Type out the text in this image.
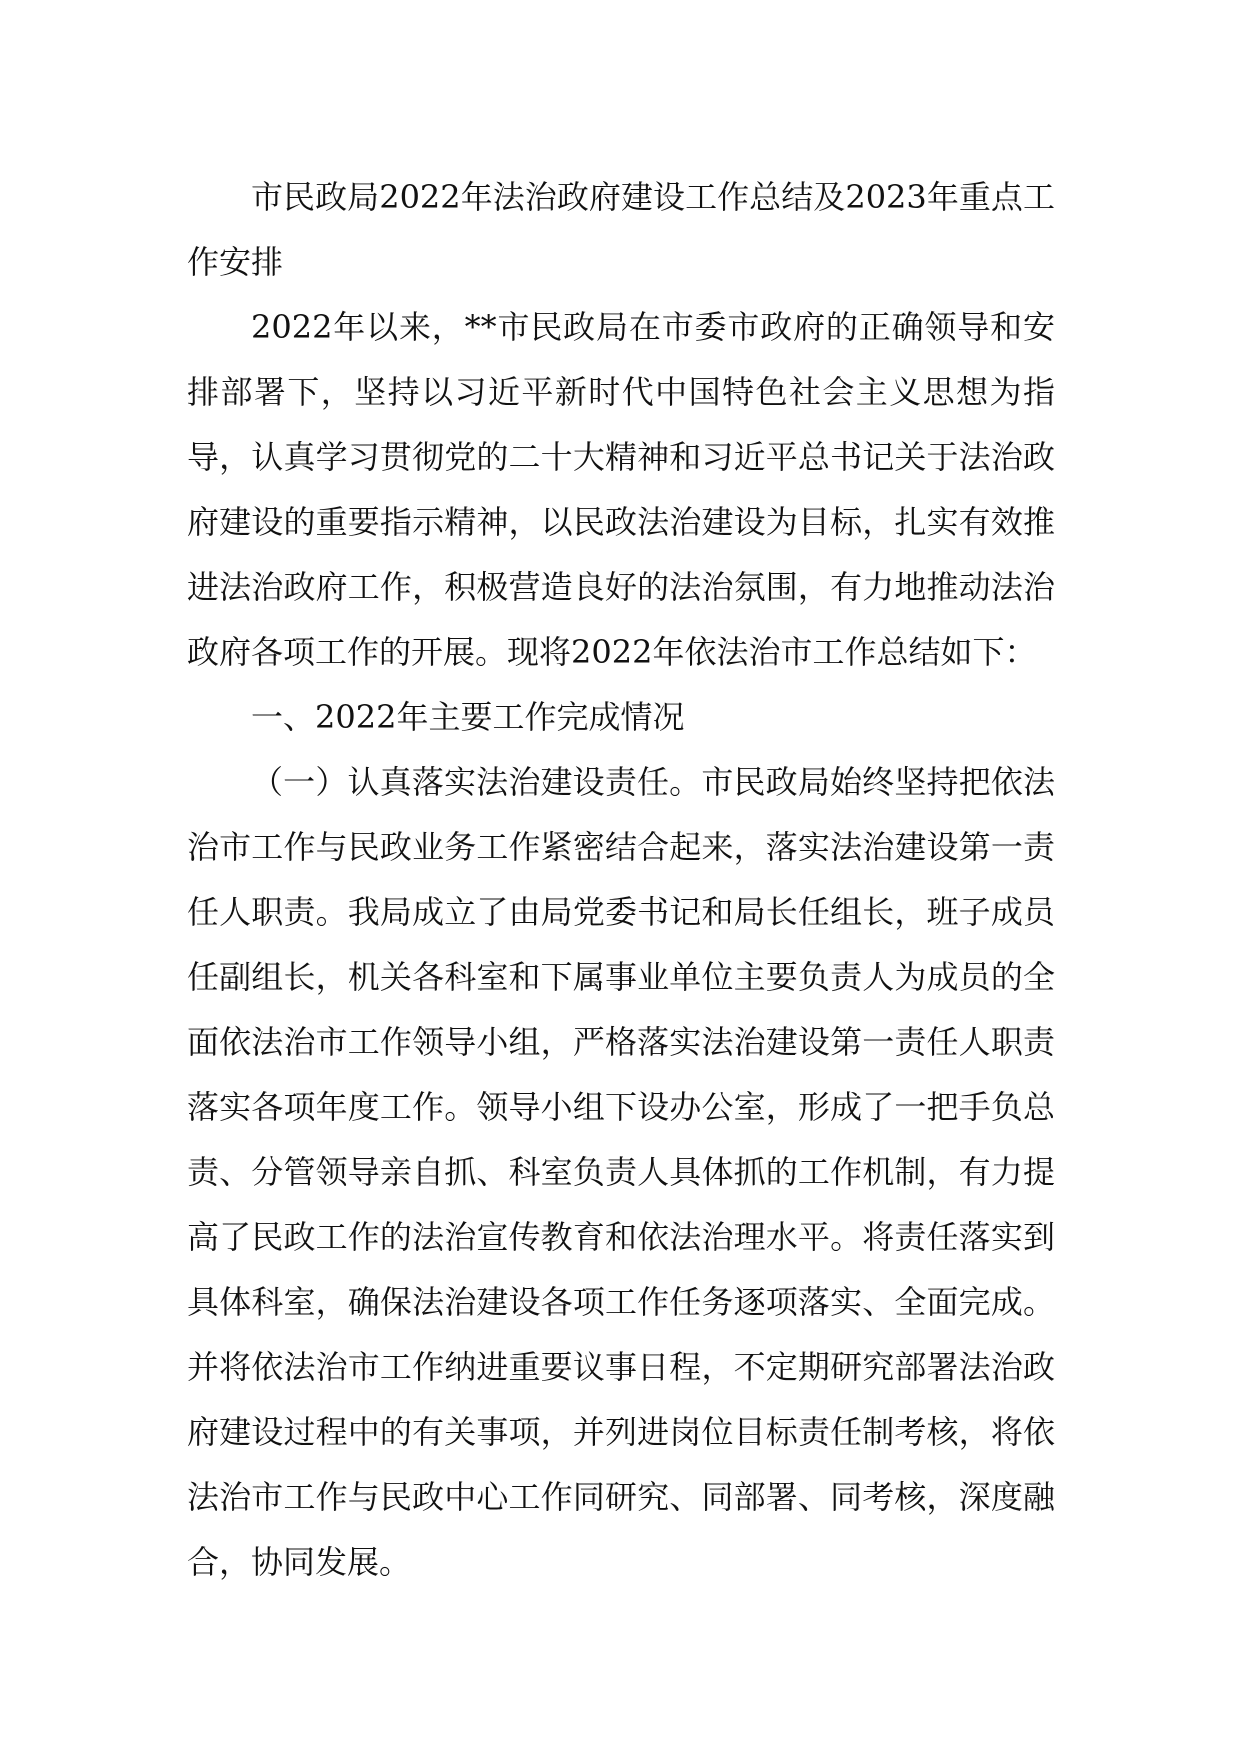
市民政局2022年法治政府建设工作总结及2023年重点工作安排

2022年以来，**市民政局在市委市政府的正确领导和安排部署下，坚持以习近平新时代中国特色社会主义思想为指导，认真学习贯彻党的二十大精神和习近平总书记关于法治政府建设的重要指示精神，以民政法治建设为目标，扎实有效推进法治政府工作，积极营造良好的法治氛围，有力地推动法治政府各项工作的开展。现将2022年依法治市工作总结如下：

一、2022年主要工作完成情况

（一）认真落实法治建设责任。市民政局始终坚持把依法治市工作与民政业务工作紧密结合起来，落实法治建设第一责任人职责。我局成立了由局党委书记和局长任组长，班子成员任副组长，机关各科室和下属事业单位主要负责人为成员的全面依法治市工作领导小组，严格落实法治建设第一责任人职责落实各项年度工作。领导小组下设办公室，形成了一把手负总责、分管领导亲自抓、科室负责人具体抓的工作机制，有力提高了民政工作的法治宣传教育和依法治理水平。将责任落实到具体科室，确保法治建设各项工作任务逐项落实、全面完成。并将依法治市工作纳进重要议事日程，不定期研究部署法治政府建设过程中的有关事项，并列进岗位目标责任制考核，将依法治市工作与民政中心工作同研究、同部署、同考核，深度融合，协同发展。
